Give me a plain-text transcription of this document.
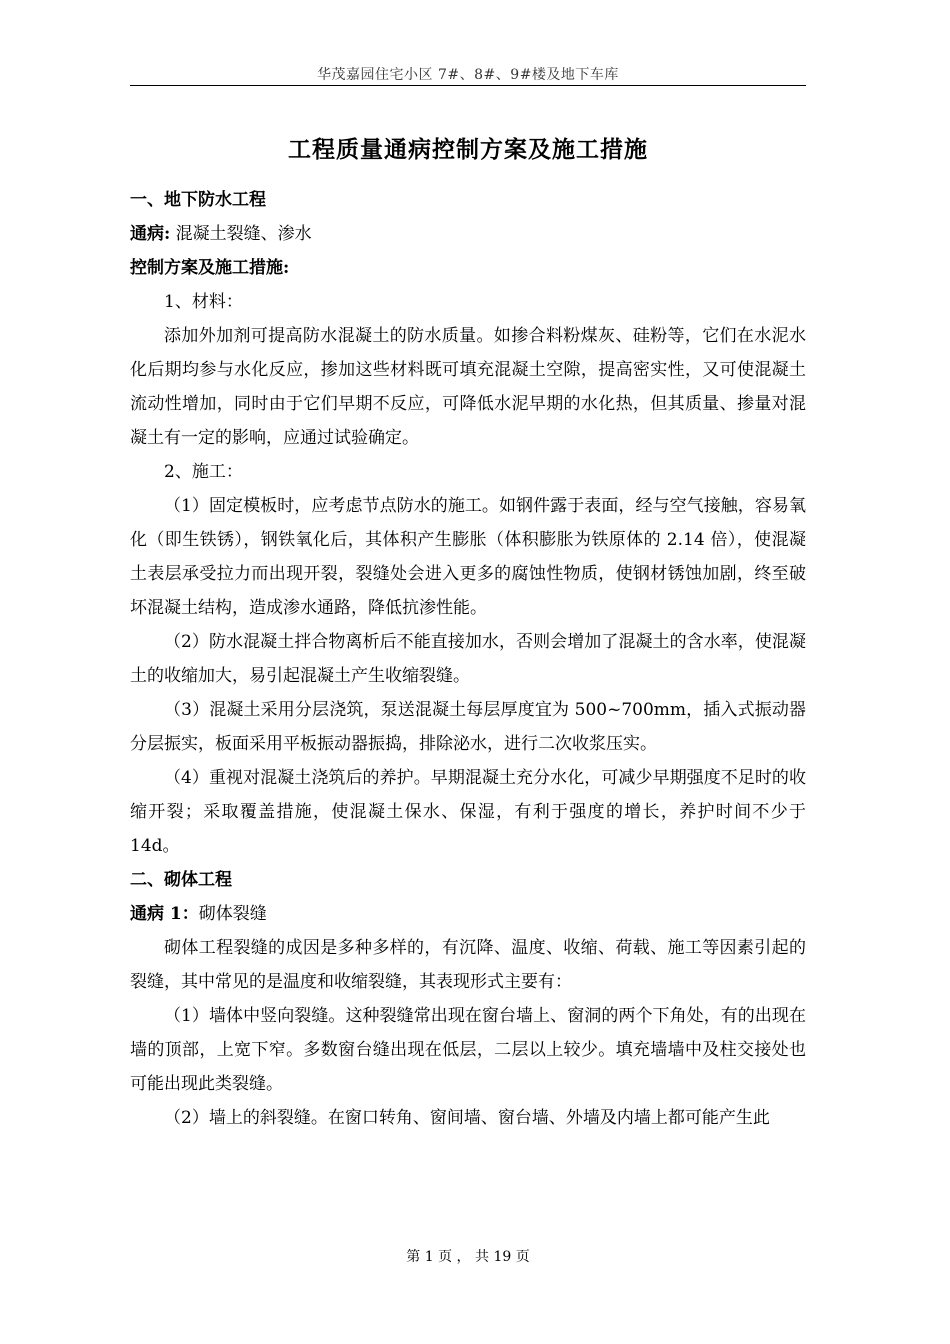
华茂嘉园住宅小区 7#、8#、9#楼及地下车库
工程质量通病控制方案及施工措施

一、地下防水工程

通病: 混凝土裂缝、渗水

控制方案及施工措施:

1、材料：

添加外加剂可提高防水混凝土的防水质量。如掺合料粉煤灰、硅粉等，它们在水泥水化后期均参与水化反应，掺加这些材料既可填充混凝土空隙，提高密实性，又可使混凝土流动性增加，同时由于它们早期不反应，可降低水泥早期的水化热，但其质量、掺量对混凝土有一定的影响，应通过试验确定。

2、施工：

（1）固定模板时，应考虑节点防水的施工。如钢件露于表面，经与空气接触，容易氧化（即生铁锈），钢铁氧化后，其体积产生膨胀（体积膨胀为铁原体的 2.14 倍），使混凝土表层承受拉力而出现开裂，裂缝处会进入更多的腐蚀性物质，使钢材锈蚀加剧，终至破坏混凝土结构，造成渗水通路，降低抗渗性能。

（2）防水混凝土拌合物离析后不能直接加水，否则会增加了混凝土的含水率，使混凝土的收缩加大，易引起混凝土产生收缩裂缝。

（3）混凝土采用分层浇筑，泵送混凝土每层厚度宜为 500~700mm，插入式振动器分层振实，板面采用平板振动器振捣，排除泌水，进行二次收浆压实。

（4）重视对混凝土浇筑后的养护。早期混凝土充分水化，可减少早期强度不足时的收缩开裂；采取覆盖措施，使混凝土保水、保湿，有利于强度的增长，养护时间不少于 14d。

二、砌体工程

通病 1：砌体裂缝

砌体工程裂缝的成因是多种多样的，有沉降、温度、收缩、荷载、施工等因素引起的裂缝，其中常见的是温度和收缩裂缝，其表现形式主要有：

（1）墙体中竖向裂缝。这种裂缝常出现在窗台墙上、窗洞的两个下角处，有的出现在墙的顶部，上宽下窄。多数窗台缝出现在低层，二层以上较少。填充墙墙中及柱交接处也可能出现此类裂缝。

（2）墙上的斜裂缝。在窗口转角、窗间墙、窗台墙、外墙及内墙上都可能产生此

第 1 页 ， 共 19 页
